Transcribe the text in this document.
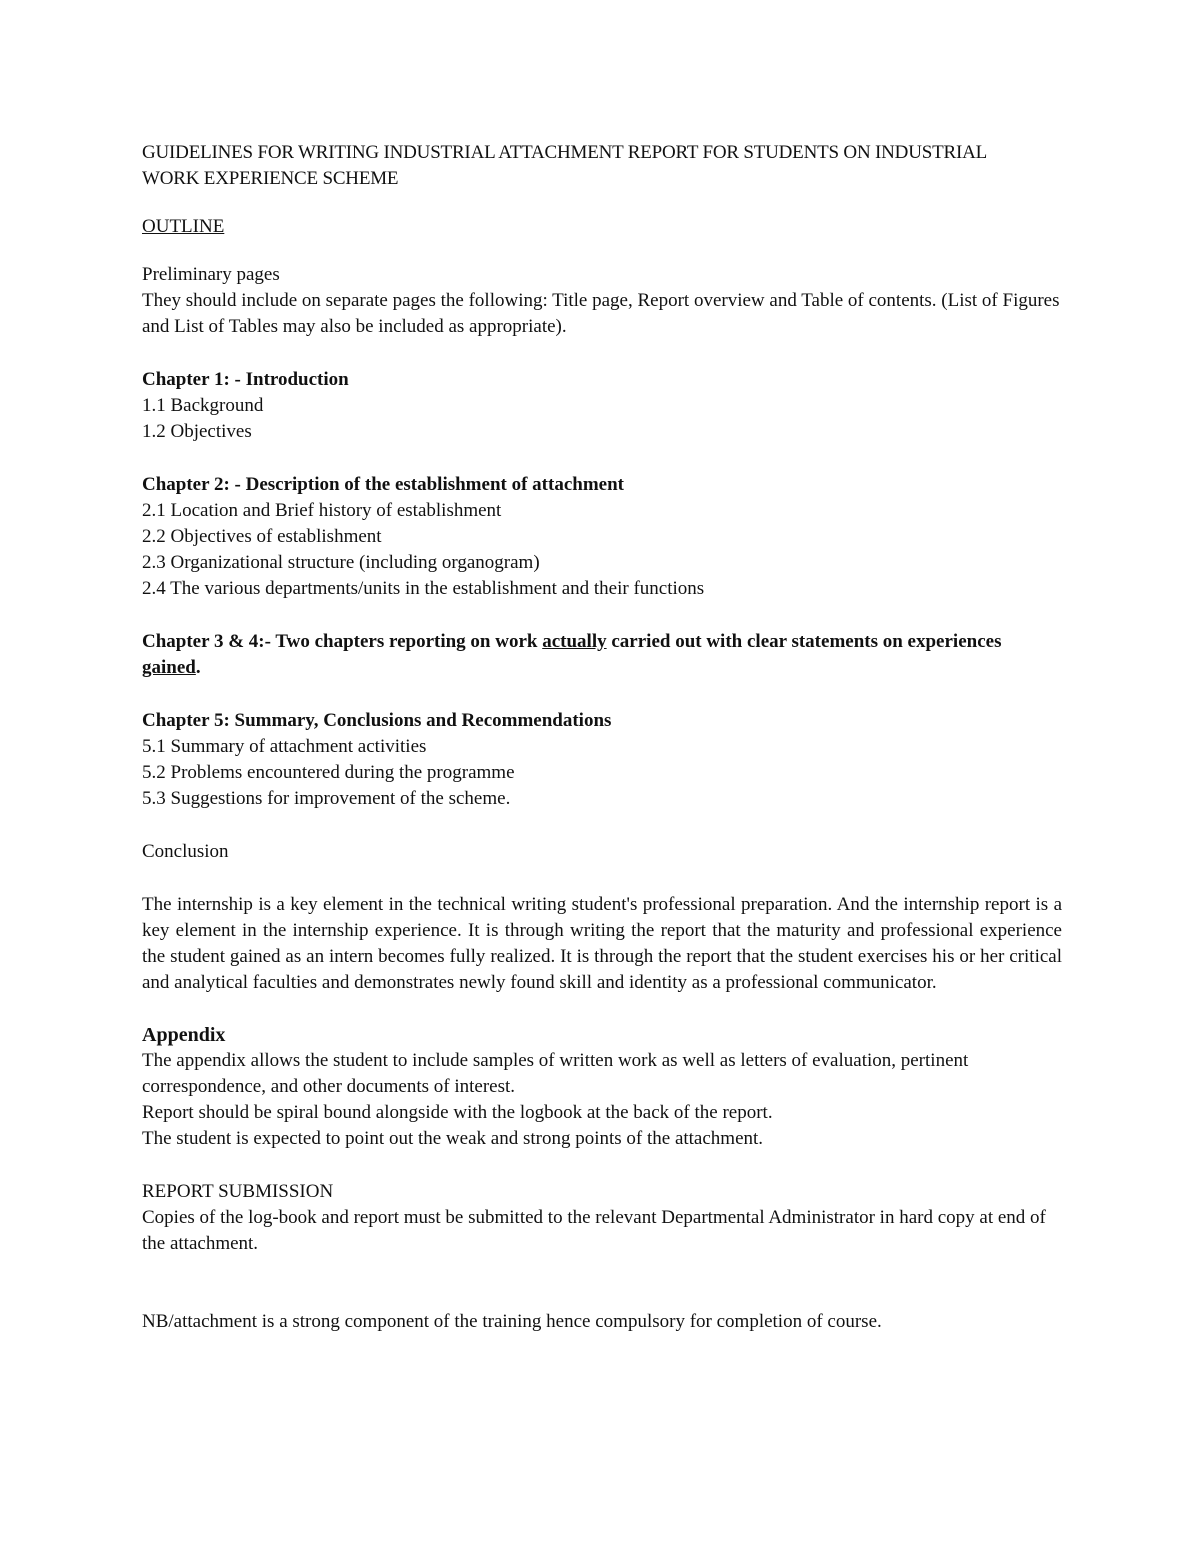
GUIDELINES FOR WRITING INDUSTRIAL ATTACHMENT REPORT FOR STUDENTS ON INDUSTRIAL

WORK EXPERIENCE SCHEME

OUTLINE

Preliminary pages

They should include on separate pages the following: Title page, Report overview and Table of contents. (List of Figures and List of Tables may also be included as appropriate).

Chapter 1: - Introduction

1.1 Background

1.2 Objectives

Chapter 2: - Description of the establishment of attachment

2.1 Location and Brief history of establishment

2.2 Objectives of establishment

2.3 Organizational structure (including organogram)

2.4 The various departments/units in the establishment and their functions

Chapter 3 & 4:- Two chapters reporting on work actually carried out with clear statements on experiences gained.

Chapter 5: Summary, Conclusions and Recommendations

5.1 Summary of attachment activities

5.2 Problems encountered during the programme

5.3 Suggestions for improvement of the scheme.

Conclusion

The internship is a key element in the technical writing student's professional preparation. And the internship report is a key element in the internship experience. It is through writing the report that the maturity and professional experience the student gained as an intern becomes fully realized. It is through the report that the student exercises his or her critical and analytical faculties and demonstrates newly found skill and identity as a professional communicator.

Appendix

The appendix allows the student to include samples of written work as well as letters of evaluation, pertinent correspondence, and other documents of interest.

Report should be spiral bound alongside with the logbook at the back of the report.

The student is expected to point out the weak and strong points of the attachment.

REPORT SUBMISSION

Copies of the log-book and report must be submitted to the relevant Departmental Administrator in hard copy at end of the attachment.

NB/attachment is a strong component of the training hence compulsory for completion of course.
